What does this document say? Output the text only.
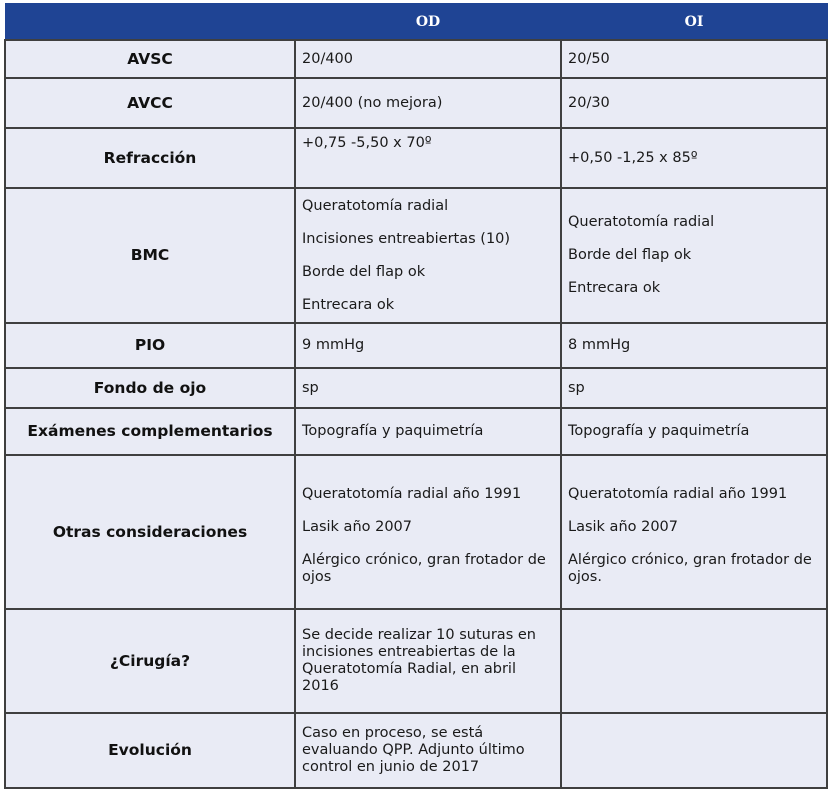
	OD	OI
AVSC	20/400	20/50
AVCC	20/400 (no mejora)	20/30
Refracción	+0,75 -5,50 x 70º	+0,50 -1,25 x 85º
BMC	Queratotomía radial
Incisiones entreabiertas (10)
Borde del flap ok
Entrecara ok	Queratotomía radial
Borde del flap ok
Entrecara ok

PIO	9 mmHg	8 mmHg
Fondo de ojo	sp	sp
Exámenes complementarios	Topografía y paquimetría	Topografía y paquimetría
Otras consideraciones	Queratotomía radial año 1991
Lasik año 2007
Alérgico crónico, gran frotador de ojos	Queratotomía radial año 1991
Lasik año 2007
Alérgico crónico, gran frotador de ojos.

¿Cirugía?	Se decide realizar 10 suturas en incisiones entreabiertas de la Queratotomía Radial, en abril 2016	
Evolución	Caso en proceso, se está evaluando QPP. Adjunto último control en junio de 2017	
